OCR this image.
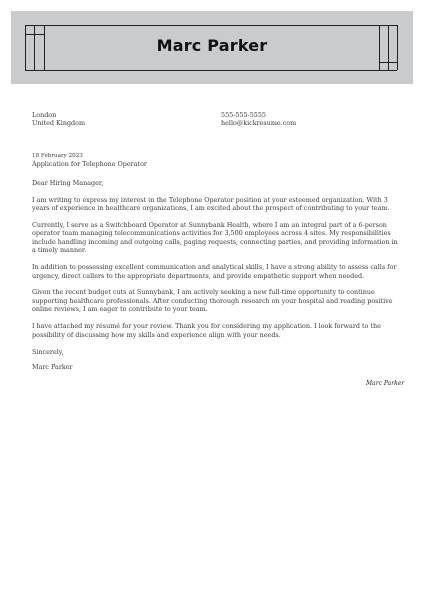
Marc Parker
London
United Kingdom
555-555-5555
hello@kickresume.com

18 February 2023

Application for Telephone Operator

Dear Hiring Manager,

I am writing to express my interest in the Telephone Operator position at your esteemed organization. With 3 years of experience in healthcare organizations, I am excited about the prospect of contributing to your team.

Currently, I serve as a Switchboard Operator at Sunnybank Health, where I am an integral part of a 6-person operator team managing telecommunications activities for 3,500 employees across 4 sites. My responsibilities include handling incoming and outgoing calls, paging requests, connecting parties, and providing information in a timely manner.

In addition to possessing excellent communication and analytical skills, I have a strong ability to assess calls for urgency, direct callers to the appropriate departments, and provide empathetic support when needed.

Given the recent budget cuts at Sunnybank, I am actively seeking a new full-time opportunity to continue supporting healthcare professionals. After conducting thorough research on your hospital and reading positive online reviews, I am eager to contribute to your team.

I have attached my résumé for your review. Thank you for considering my application. I look forward to the possibility of discussing how my skills and experience align with your needs.

Sincerely,

Marc Parker

Marc Parker
